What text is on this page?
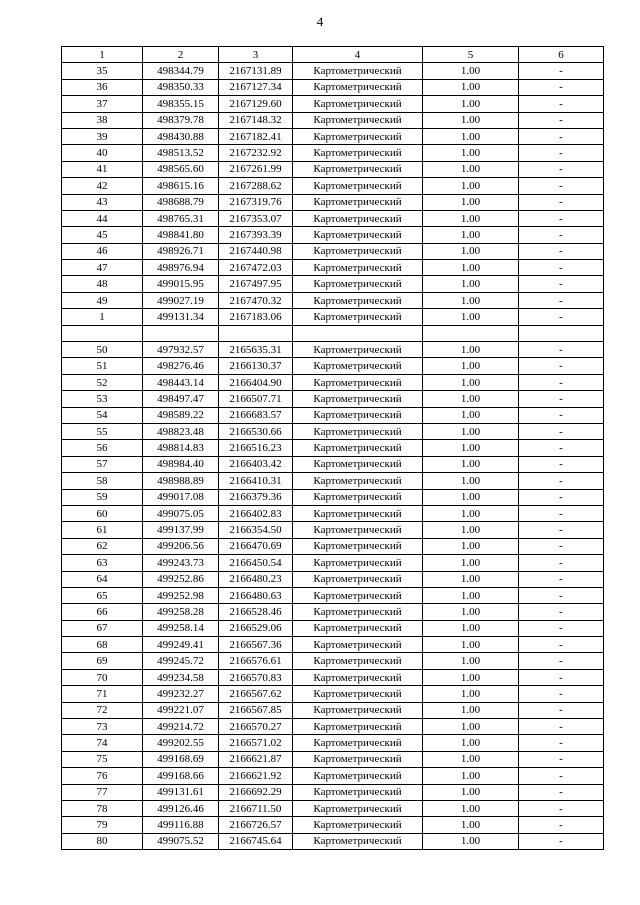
4
1	2	3	4	5	6
35	498344.79	2167131.89	Картометрический	1.00	-
36	498350.33	2167127.34	Картометрический	1.00	-
37	498355.15	2167129.60	Картометрический	1.00	-
38	498379.78	2167148.32	Картометрический	1.00	-
39	498430.88	2167182.41	Картометрический	1.00	-
40	498513.52	2167232.92	Картометрический	1.00	-
41	498565.60	2167261.99	Картометрический	1.00	-
42	498615.16	2167288.62	Картометрический	1.00	-
43	498688.79	2167319.76	Картометрический	1.00	-
44	498765.31	2167353.07	Картометрический	1.00	-
45	498841.80	2167393.39	Картометрический	1.00	-
46	498926.71	2167440.98	Картометрический	1.00	-
47	498976.94	2167472.03	Картометрический	1.00	-
48	499015.95	2167497.95	Картометрический	1.00	-
49	499027.19	2167470.32	Картометрический	1.00	-
1	499131.34	2167183.06	Картометрический	1.00	-

50	497932.57	2165635.31	Картометрический	1.00	-
51	498276.46	2166130.37	Картометрический	1.00	-
52	498443.14	2166404.90	Картометрический	1.00	-
53	498497.47	2166507.71	Картометрический	1.00	-
54	498589.22	2166683.57	Картометрический	1.00	-
55	498823.48	2166530.66	Картометрический	1.00	-
56	498814.83	2166516.23	Картометрический	1.00	-
57	498984.40	2166403.42	Картометрический	1.00	-
58	498988.89	2166410.31	Картометрический	1.00	-
59	499017.08	2166379.36	Картометрический	1.00	-
60	499075.05	2166402.83	Картометрический	1.00	-
61	499137.99	2166354.50	Картометрический	1.00	-
62	499206.56	2166470.69	Картометрический	1.00	-
63	499243.73	2166450.54	Картометрический	1.00	-
64	499252.86	2166480.23	Картометрический	1.00	-
65	499252.98	2166480.63	Картометрический	1.00	-
66	499258.28	2166528.46	Картометрический	1.00	-
67	499258.14	2166529.06	Картометрический	1.00	-
68	499249.41	2166567.36	Картометрический	1.00	-
69	499245.72	2166576.61	Картометрический	1.00	-
70	499234.58	2166570.83	Картометрический	1.00	-
71	499232.27	2166567.62	Картометрический	1.00	-
72	499221.07	2166567.85	Картометрический	1.00	-
73	499214.72	2166570.27	Картометрический	1.00	-
74	499202.55	2166571.02	Картометрический	1.00	-
75	499168.69	2166621.87	Картометрический	1.00	-
76	499168.66	2166621.92	Картометрический	1.00	-
77	499131.61	2166692.29	Картометрический	1.00	-
78	499126.46	2166711.50	Картометрический	1.00	-
79	499116.88	2166726.57	Картометрический	1.00	-
80	499075.52	2166745.64	Картометрический	1.00	-
